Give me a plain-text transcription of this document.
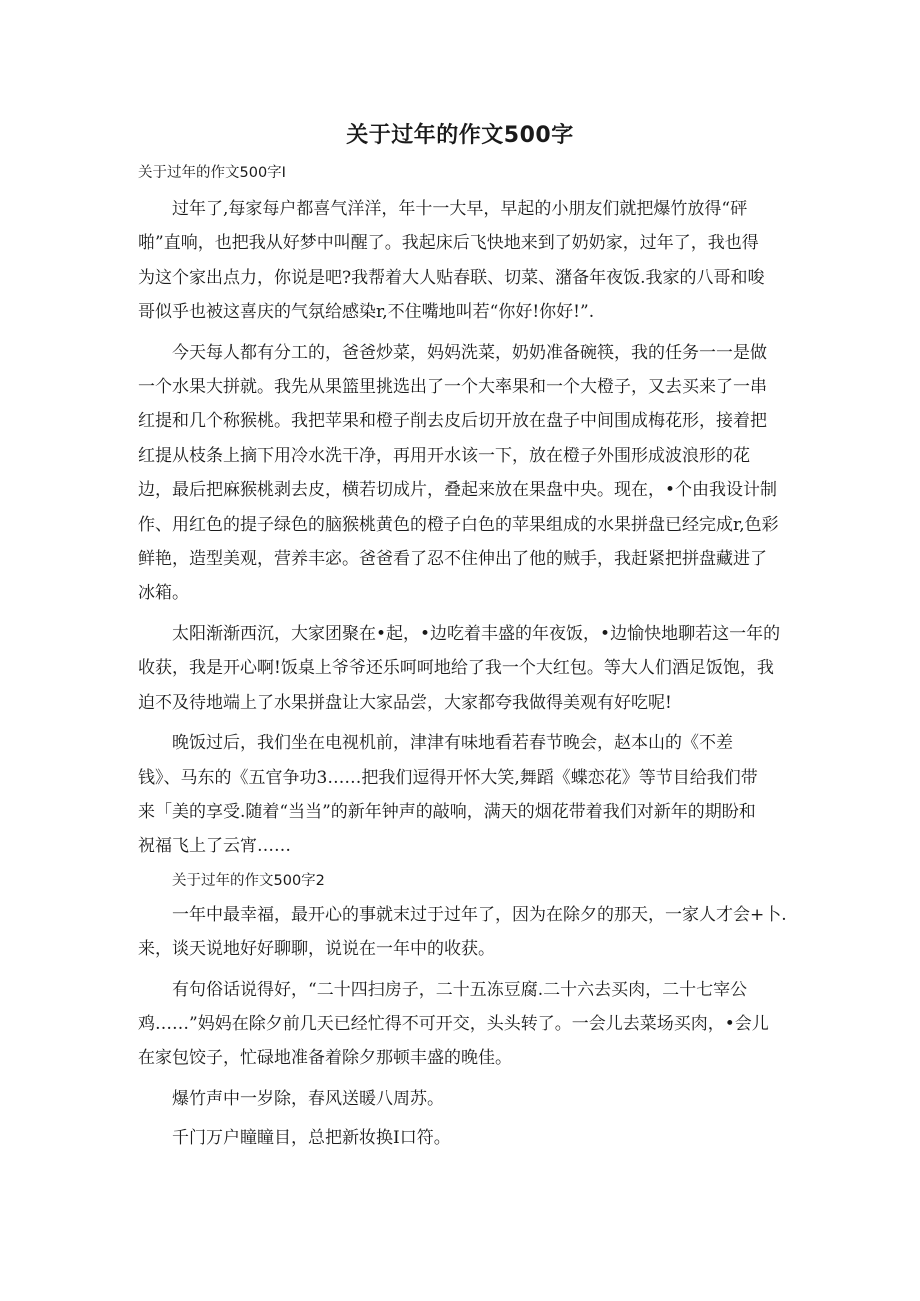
关于过年的作文500字
关于过年的作文500字I

过年了,每家每户都喜气洋洋，年十一大早，早起的小朋友们就把爆竹放得“砰
啪”直响，也把我从好梦中叫醒了。我起床后飞快地来到了奶奶家，过年了，我也得
为这个家出点力，你说是吧?我帮着大人贴春联、切菜、潴备年夜饭.我家的八哥和唆
哥似乎也被这喜庆的气氛给感染r,不住嘴地叫若“你好!你好!”.

今天每人都有分工的，爸爸炒菜，妈妈洗菜，奶奶准备碗筷，我的任务一一是做
一个水果大拼就。我先从果篮里挑选出了一个大率果和一个大橙子，又去买来了一串
红提和几个称猴桃。我把苹果和橙子削去皮后切开放在盘子中间围成梅花形，接着把
红提从枝条上摘下用冷水洗干净，再用开水该一下，放在橙子外围形成波浪形的花
边，最后把麻猴桃剥去皮，横若切成片，叠起来放在果盘中央。现在，•个由我设计制
作、用红色的提子绿色的脑猴桃黄色的橙子白色的苹果组成的水果拼盘已经完成r,色彩
鲜艳，造型美观，营养丰宓。爸爸看了忍不住伸出了他的贼手，我赶紧把拼盘藏进了
冰箱。

太阳渐渐西沉，大家团聚在•起，•边吃着丰盛的年夜饭，•边愉快地聊若这一年的
收获，我是开心啊!饭桌上爷爷还乐呵呵地给了我一个大红包。等大人们酒足饭饱，我
迫不及待地端上了水果拼盘让大家品尝，大家都夸我做得美观有好吃呢!

晚饭过后，我们坐在电视机前，津津有味地看若春节晚会，赵本山的《不差
钱》、马东的《五官争功3……把我们逗得开怀大笑,舞蹈《蝶恋花》等节目给我们带
来「美的享受.随着“当当”的新年钟声的敲响，满天的烟花带着我们对新年的期盼和
祝福飞上了云宵……

关于过年的作文500字2

一年中最幸福，最开心的事就末过于过年了，因为在除夕的那天，一家人才会+卜.
来，谈天说地好好聊聊，说说在一年中的收获。

有句俗话说得好，“二十四扫房子，二十五冻豆腐.二十六去买肉，二十七宰公
鸡……”妈妈在除夕前几天已经忙得不可开交，头头转了。一会儿去菜场买肉，•会儿
在家包饺子，忙碌地准备着除夕那顿丰盛的晚佳。

爆竹声中一岁除，春风送暖八周苏。

千门万户瞳瞳目，总把新妆换I口符。
